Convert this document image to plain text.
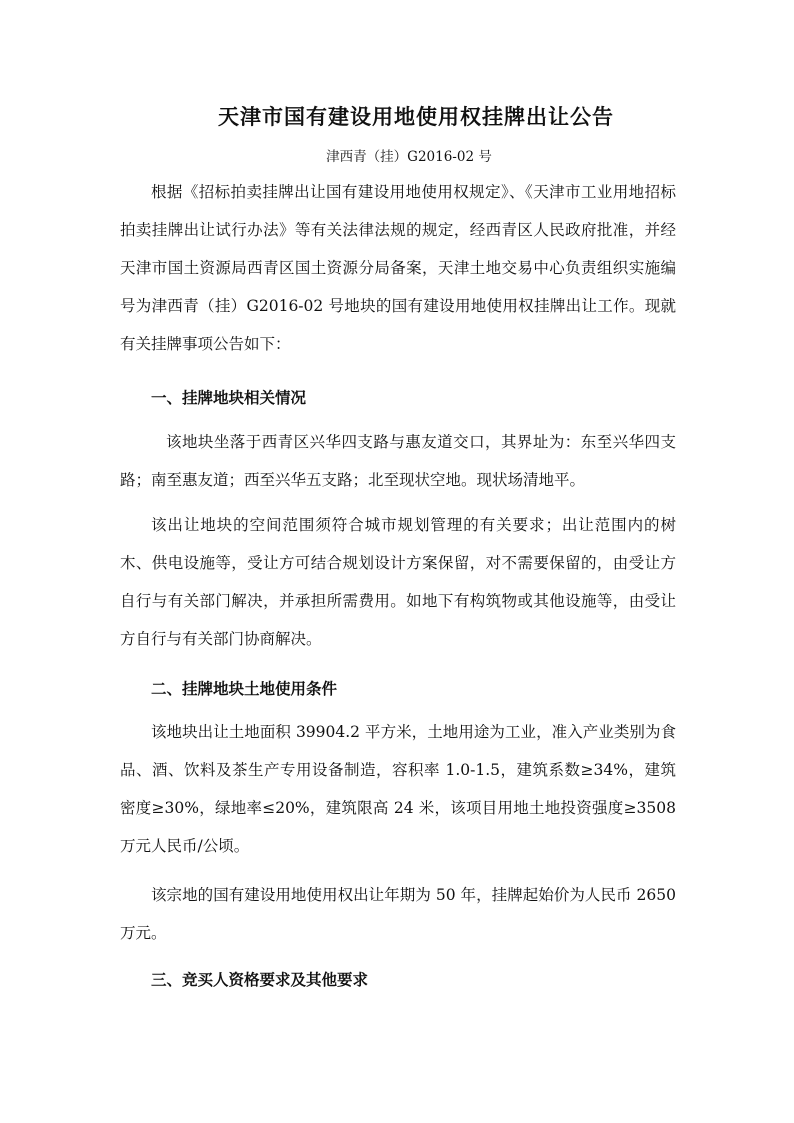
天津市国有建设用地使用权挂牌出让公告
津西青（挂）G2016-02 号

根据《招标拍卖挂牌出让国有建设用地使用权规定》、《天津市工业用地招标拍卖挂牌出让试行办法》等有关法律法规的规定，经西青区人民政府批准，并经天津市国土资源局西青区国土资源分局备案，天津土地交易中心负责组织实施编号为津西青（挂）G2016-02 号地块的国有建设用地使用权挂牌出让工作。现就有关挂牌事项公告如下：

一、挂牌地块相关情况

该地块坐落于西青区兴华四支路与惠友道交口，其界址为：东至兴华四支路；南至惠友道；西至兴华五支路；北至现状空地。现状场清地平。

该出让地块的空间范围须符合城市规划管理的有关要求；出让范围内的树木、供电设施等，受让方可结合规划设计方案保留，对不需要保留的，由受让方自行与有关部门解决，并承担所需费用。如地下有构筑物或其他设施等，由受让方自行与有关部门协商解决。

二、挂牌地块土地使用条件

该地块出让土地面积 39904.2 平方米，土地用途为工业，准入产业类别为食品、酒、饮料及茶生产专用设备制造，容积率 1.0-1.5，建筑系数≥34%，建筑密度≥30%，绿地率≤20%，建筑限高 24 米，该项目用地土地投资强度≥3508 万元人民币/公顷。

该宗地的国有建设用地使用权出让年期为 50 年，挂牌起始价为人民币 2650 万元。

三、竞买人资格要求及其他要求
